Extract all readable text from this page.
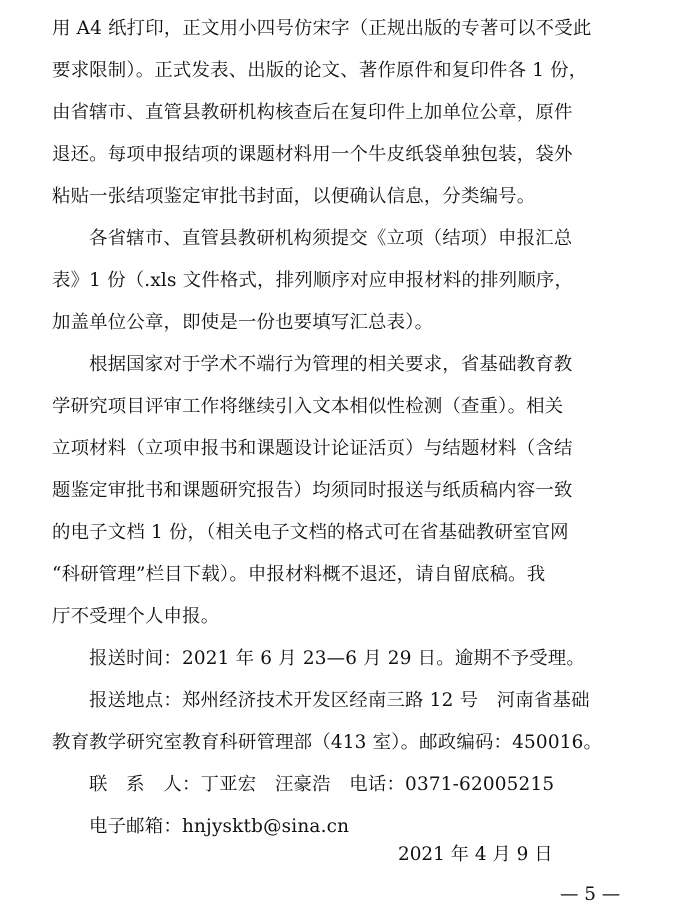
用 A4 纸打印，正文用小四号仿宋字（正规出版的专著可以不受此
要求限制）。正式发表、出版的论文、著作原件和复印件各 1 份，
由省辖市、直管县教研机构核查后在复印件上加单位公章，原件
退还。每项申报结项的课题材料用一个牛皮纸袋单独包装，袋外
粘贴一张结项鉴定审批书封面，以便确认信息，分类编号。
各省辖市、直管县教研机构须提交《立项（结项）申报汇总
表》1 份（.xls 文件格式，排列顺序对应申报材料的排列顺序，
加盖单位公章，即使是一份也要填写汇总表）。
根据国家对于学术不端行为管理的相关要求，省基础教育教
学研究项目评审工作将继续引入文本相似性检测（查重）。相关
立项材料（立项申报书和课题设计论证活页）与结题材料（含结
题鉴定审批书和课题研究报告）均须同时报送与纸质稿内容一致
的电子文档 1 份，（相关电子文档的格式可在省基础教研室官网
“科研管理”栏目下载）。申报材料概不退还，请自留底稿。我
厅不受理个人申报。
报送时间：2021 年 6 月 23—6 月 29 日。逾期不予受理。
报送地点：郑州经济技术开发区经南三路 12 号　河南省基础
教育教学研究室教育科研管理部（413 室）。邮政编码：450016。
联　系　人：丁亚宏　汪豪浩　电话：0371-62005215
电子邮箱：hnjysktb@sina.cn
2021 年 4 月 9 日
— 5 —
